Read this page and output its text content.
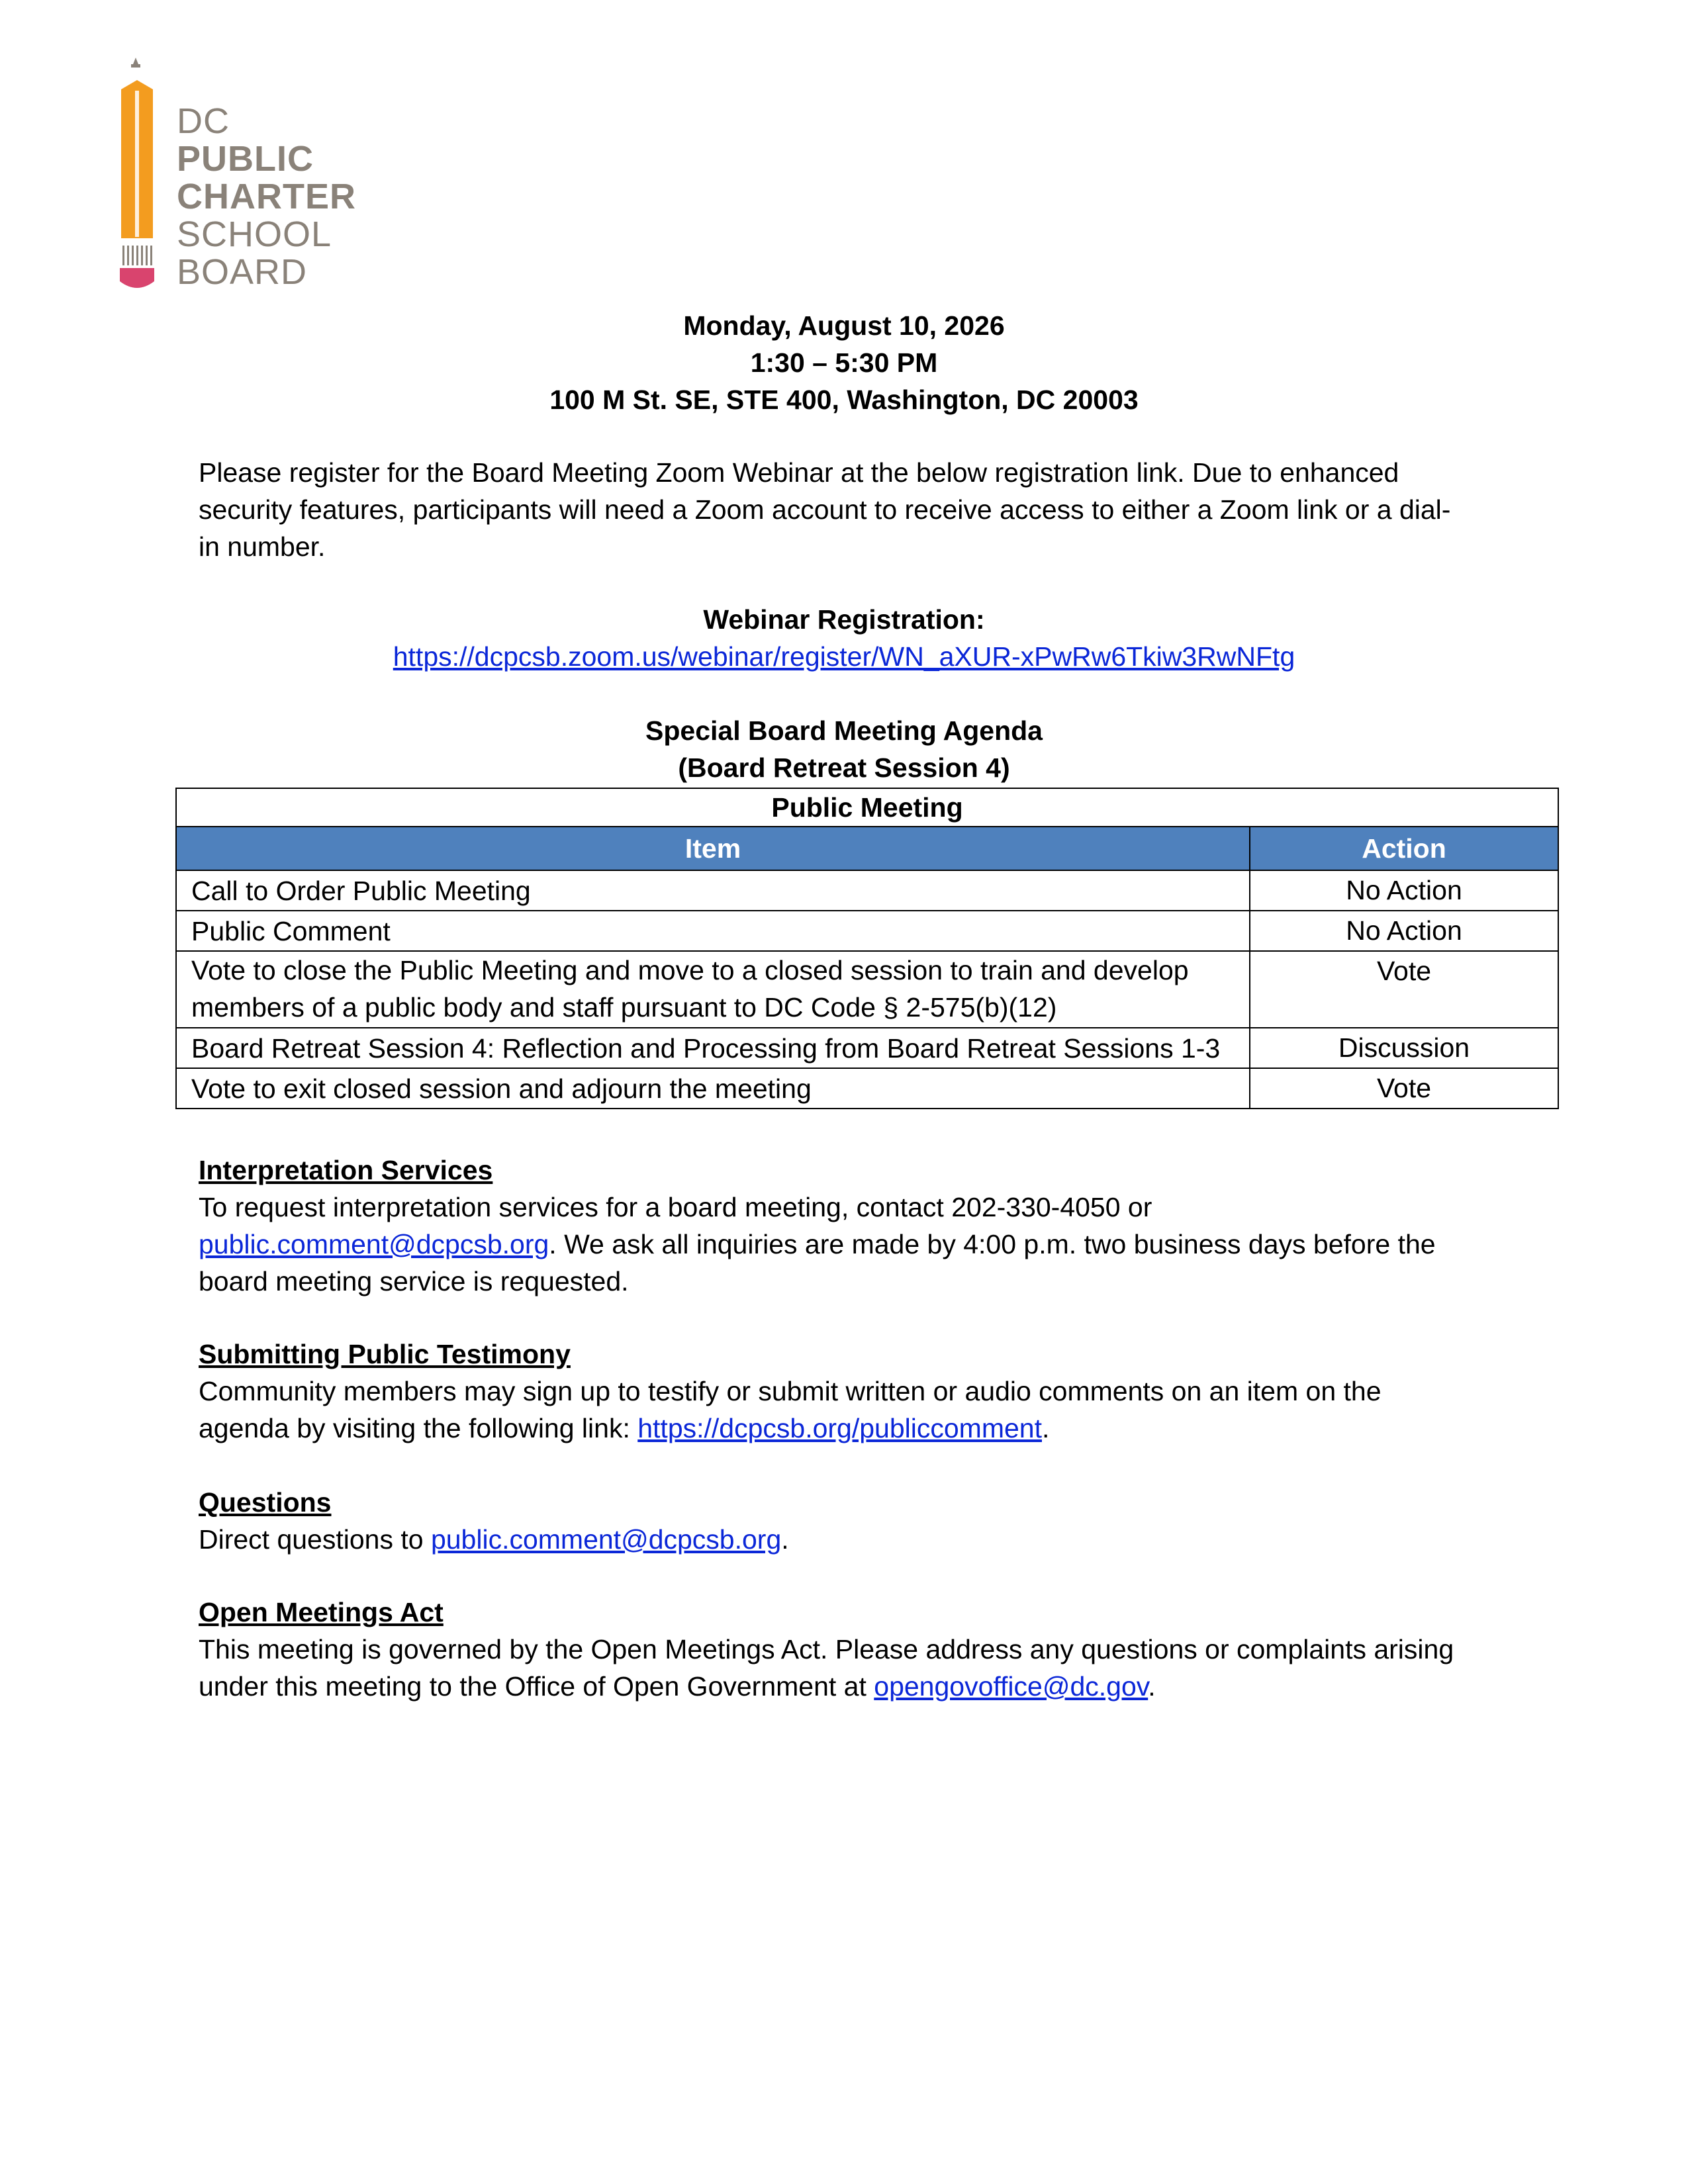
DC
PUBLIC
CHARTER
SCHOOL
BOARD
Monday, August 10, 2026
1:30 – 5:30 PM
100 M St. SE, STE 400, Washington, DC 20003
Please register for the Board Meeting Zoom Webinar at the below registration link. Due to enhanced
security features, participants will need a Zoom account to receive access to either a Zoom link or a dial-
in number.
Webinar Registration:
https://dcpcsb.zoom.us/webinar/register/WN_aXUR-xPwRw6Tkiw3RwNFtg
Special Board Meeting Agenda
(Board Retreat Session 4)
Public Meeting	
Item	Action
Call to Order Public Meeting	No Action
Public Comment	No Action

Vote to close the Public Meeting and move to a closed session to train and develop
members of a public body and staff pursuant to DC Code § 2-575(b)(12)	Vote
Board Retreat Session 4: Reflection and Processing from Board Retreat Sessions 1-3	Discussion
Vote to exit closed session and adjourn the meeting	Vote
Interpretation Services
To request interpretation services for a board meeting, contact 202-330-4050 or
public.comment@dcpcsb.org. We ask all inquiries are made by 4:00 p.m. two business days before the
board meeting service is requested.
Submitting Public Testimony
Community members may sign up to testify or submit written or audio comments on an item on the
agenda by visiting the following link: https://dcpcsb.org/publiccomment.
Questions
Direct questions to public.comment@dcpcsb.org.
Open Meetings Act
This meeting is governed by the Open Meetings Act. Please address any questions or complaints arising
under this meeting to the Office of Open Government at opengovoffice@dc.gov.
